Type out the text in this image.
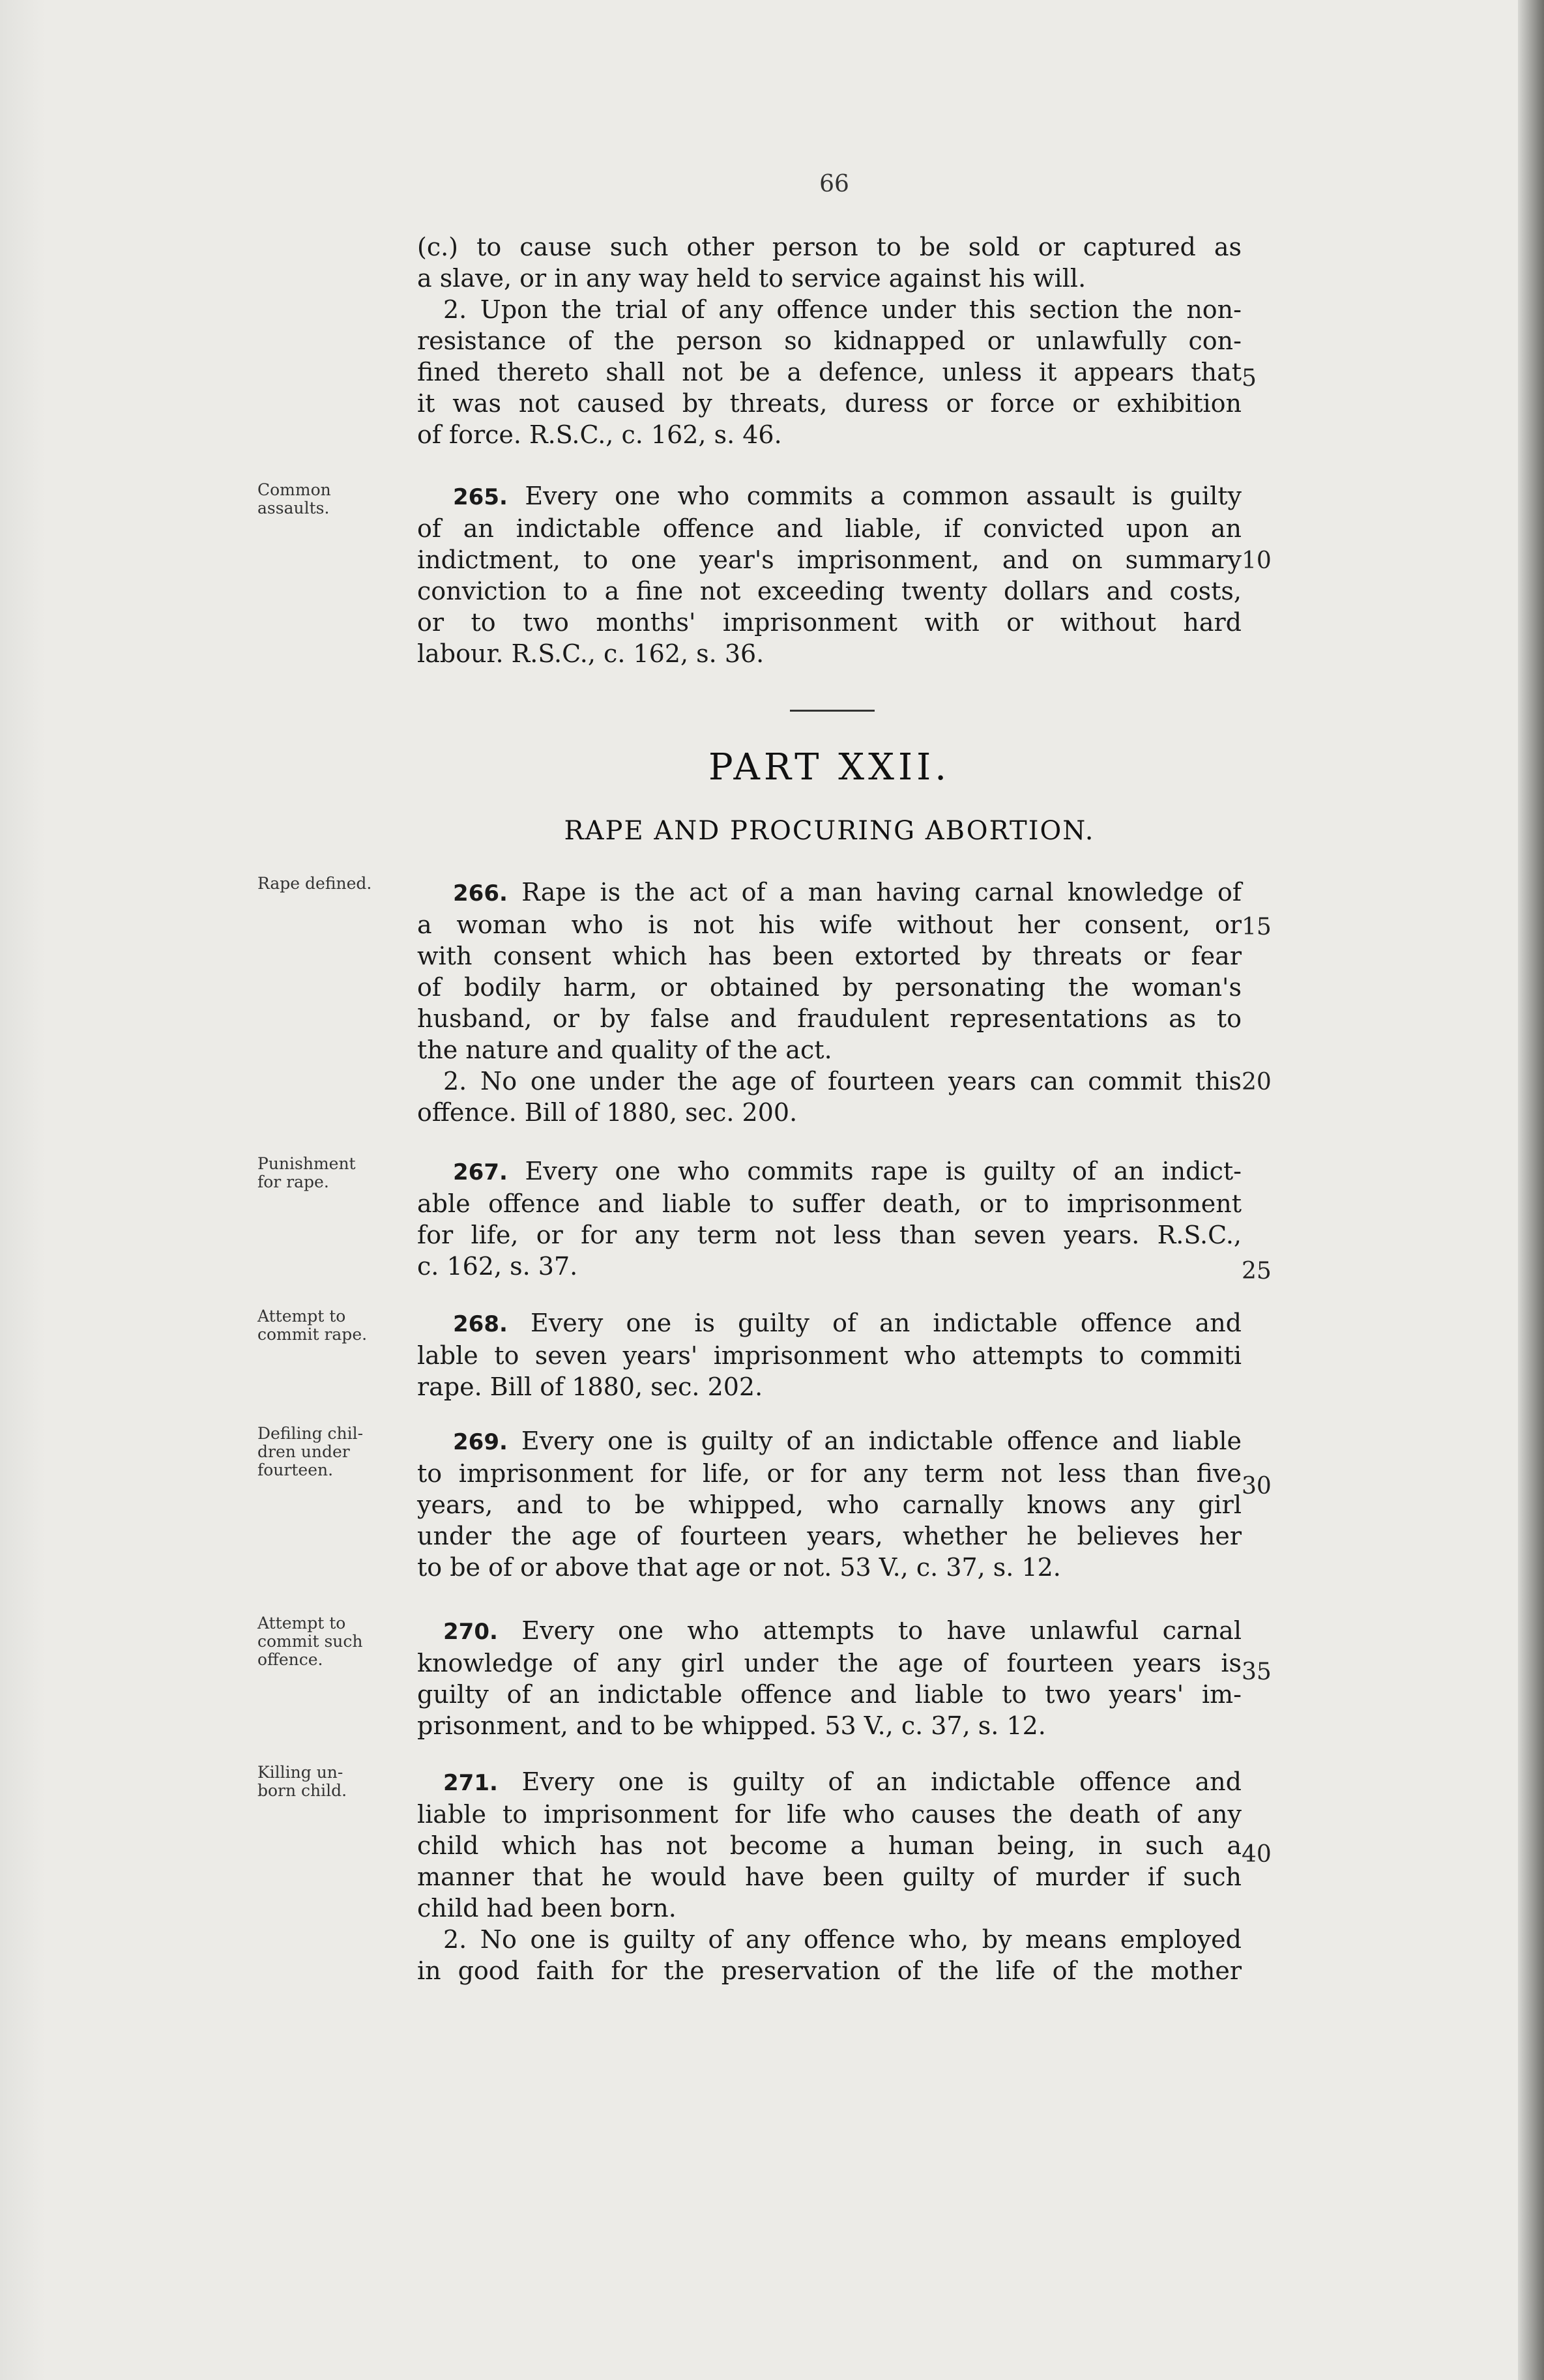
66
(c.) to cause such other person to be sold or captured as
a slave, or in any way held to service against his will.
2. Upon the trial of any offence under this section the non-
resistance of the person so kidnapped or unlawfully con-
fined thereto shall not be a defence, unless it appears that
it was not caused by threats, duress or force or exhibition
of force. R.S.C., c. 162, s. 46.
Common
assaults.	265. Every one who commits a common assault is guilty
of an indictable offence and liable, if convicted upon an
indictment, to one year's imprisonment, and on summary
conviction to a fine not exceeding twenty dollars and costs,
or to two months' imprisonment with or without hard
labour. R.S.C., c. 162, s. 36.
PART XXII.
RAPE AND PROCURING ABORTION.
Rape defined.	266. Rape is the act of a man having carnal knowledge of
a woman who is not his wife without her consent, or
with consent which has been extorted by threats or fear
of bodily harm, or obtained by personating the woman's
husband, or by false and fraudulent representations as to
the nature and quality of the act.
2. No one under the age of fourteen years can commit this
offence. Bill of 1880, sec. 200.
Punishment
for rape.	267. Every one who commits rape is guilty of an indict-
able offence and liable to suffer death, or to imprisonment
for life, or for any term not less than seven years. R.S.C.,
c. 162, s. 37.
Attempt to
commit rape.	268. Every one is guilty of an indictable offence and
lable to seven years' imprisonment who attempts to commiti
rape. Bill of 1880, sec. 202.
Defiling chil-
dren under
fourteen.
269. Every one is guilty of an indictable offence and liable
to imprisonment for life, or for any term not less than five
years, and to be whipped, who carnally knows any girl
under the age of fourteen years, whether he believes her
to be of or above that age or not. 53 V., c. 37, s. 12.
Attempt to
commit such
offence.
270. Every one who attempts to have unlawful carnal
knowledge of any girl under the age of fourteen years is
guilty of an indictable offence and liable to two years' im-
prisonment, and to be whipped. 53 V., c. 37, s. 12.
Killing un-
born child.	271. Every one is guilty of an indictable offence and
liable to imprisonment for life who causes the death of any
child which has not become a human being, in such a
manner that he would have been guilty of murder if such
child had been born.
2. No one is guilty of any offence who, by means employed
in good faith for the preservation of the life of the mother
5
10
15
20
25
30
35
40
